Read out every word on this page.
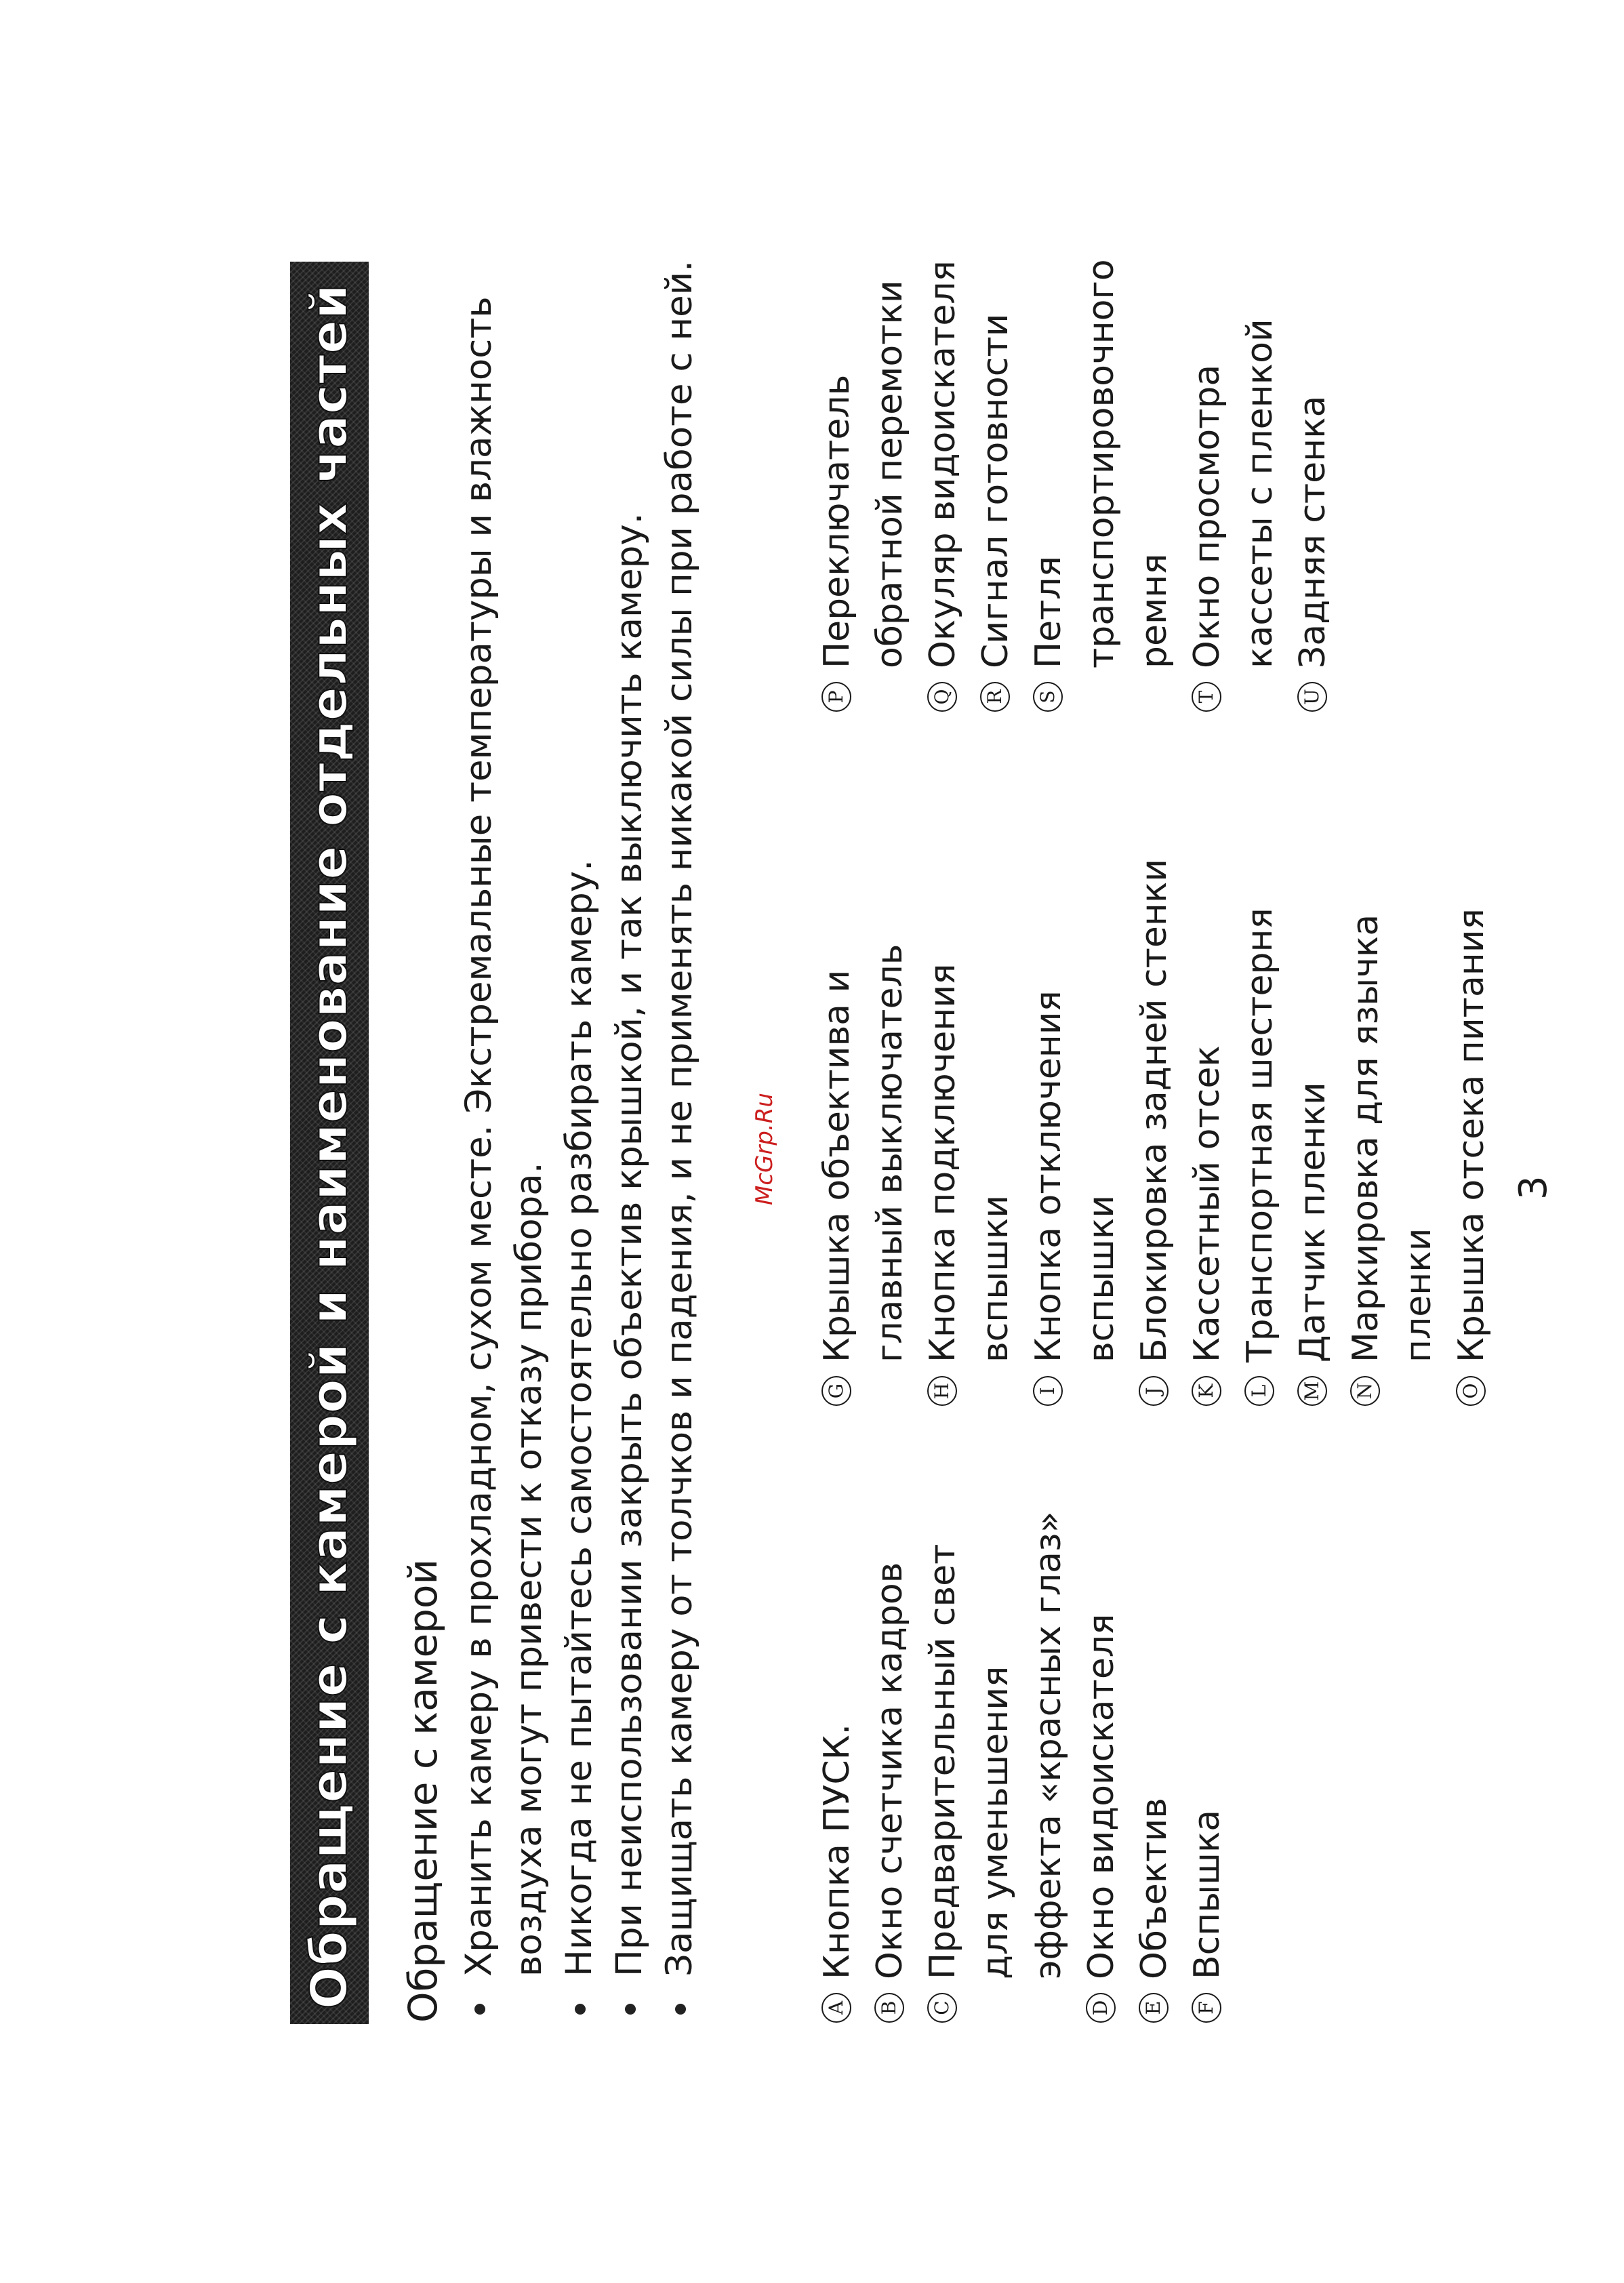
Обращение с камерой и наименование отдельных частей Обращение с камерой Хранить камеру в прохладном, сухом месте. Экстремальные температуры и влажность воздуха могут привести к отказу прибора. Никогда не пытайтесь самостоятельно разбирать камеру. При неиспользовании закрыть объектив крышкой, и так выключить камеру. Защищать камеру от толчков и падения, и не применять никакой силы при работе с ней.
A
Кнопка ПУСК.
B
Окно счетчика кадров
C
Предварительный свет для уменьшения эффекта «красных глаз»
D
Окно видоискателя
E
Объектив
F
Вспышка
G
Крышка объектива и главный выключатель
H
Кнопка подключения вспышки
I
Кнопка отключения вспышки
J
Блокировка задней стенки
K
Кассетный отсек
L
Транспортная шестерня
M
Датчик пленки
N
Маркировка для язычка пленки
O
Крышка отсека питания
P
Переключатель обратной перемотки
Q
Окуляр видоискателя
R
Сигнал готовности
S
Петля транспортировочного ремня
T
Окно просмотра кассеты с пленкой
U
Задняя стенка
McGrp.Ru	3
